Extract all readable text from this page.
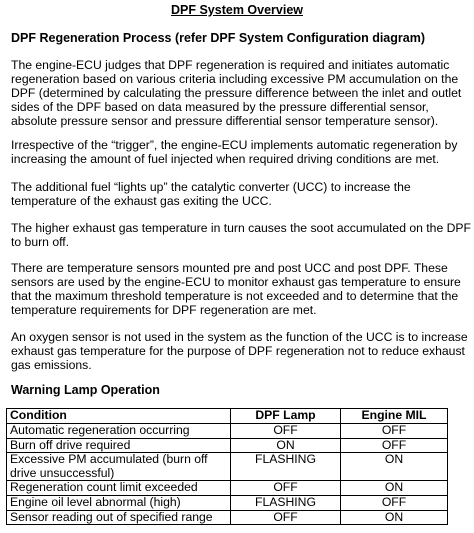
DPF System Overview
DPF Regeneration Process (refer DPF System Configuration diagram)
The engine-ECU judges that DPF regeneration is required and initiates automatic
regeneration based on various criteria including excessive PM accumulation on the
DPF (determined by calculating the pressure difference between the inlet and outlet
sides of the DPF based on data measured by the pressure differential sensor,
absolute pressure sensor and pressure differential sensor temperature sensor).
Irrespective of the “trigger”, the engine-ECU implements automatic regeneration by
increasing the amount of fuel injected when required driving conditions are met.
The additional fuel “lights up” the catalytic converter (UCC) to increase the
temperature of the exhaust gas exiting the UCC.
The higher exhaust gas temperature in turn causes the soot accumulated on the DPF
to burn off.
There are temperature sensors mounted pre and post UCC and post DPF. These
sensors are used by the engine-ECU to monitor exhaust gas temperature to ensure
that the maximum threshold temperature is not exceeded and to determine that the
temperature requirements for DPF regeneration are met.
An oxygen sensor is not used in the system as the function of the UCC is to increase
exhaust gas temperature for the purpose of DPF regeneration not to reduce exhaust
gas emissions.
Warning Lamp Operation
Condition	DPF Lamp	Engine MIL
Automatic regeneration occurring	OFF	OFF
Burn off drive required	ON	OFF

Excessive PM accumulated (burn off
drive unsuccessful)	FLASHING	ON
Regeneration count limit exceeded	OFF	ON
Engine oil level abnormal (high)	FLASHING	OFF
Sensor reading out of specified range	OFF	ON
